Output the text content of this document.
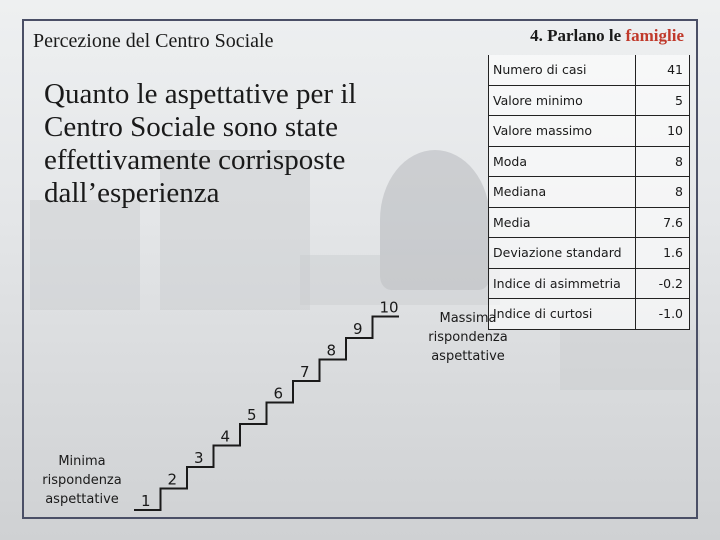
Percezione del Centro Sociale	4. Parlano le famiglie
Quanto le aspettative per il Centro Sociale sono state effettivamente corrisposte dall’esperienza
Numero di casi	41
Valore minimo	5
Valore massimo	10
Moda	8
Mediana	8
Media	7.6
Deviazione standard	1.6
Indice di asimmetria	-0.2
Indice di curtosi	-1.0
1
2
3
4
5
6
7
8
9
10
Minima rispondenza aspettative
Massima rispondenza aspettative
